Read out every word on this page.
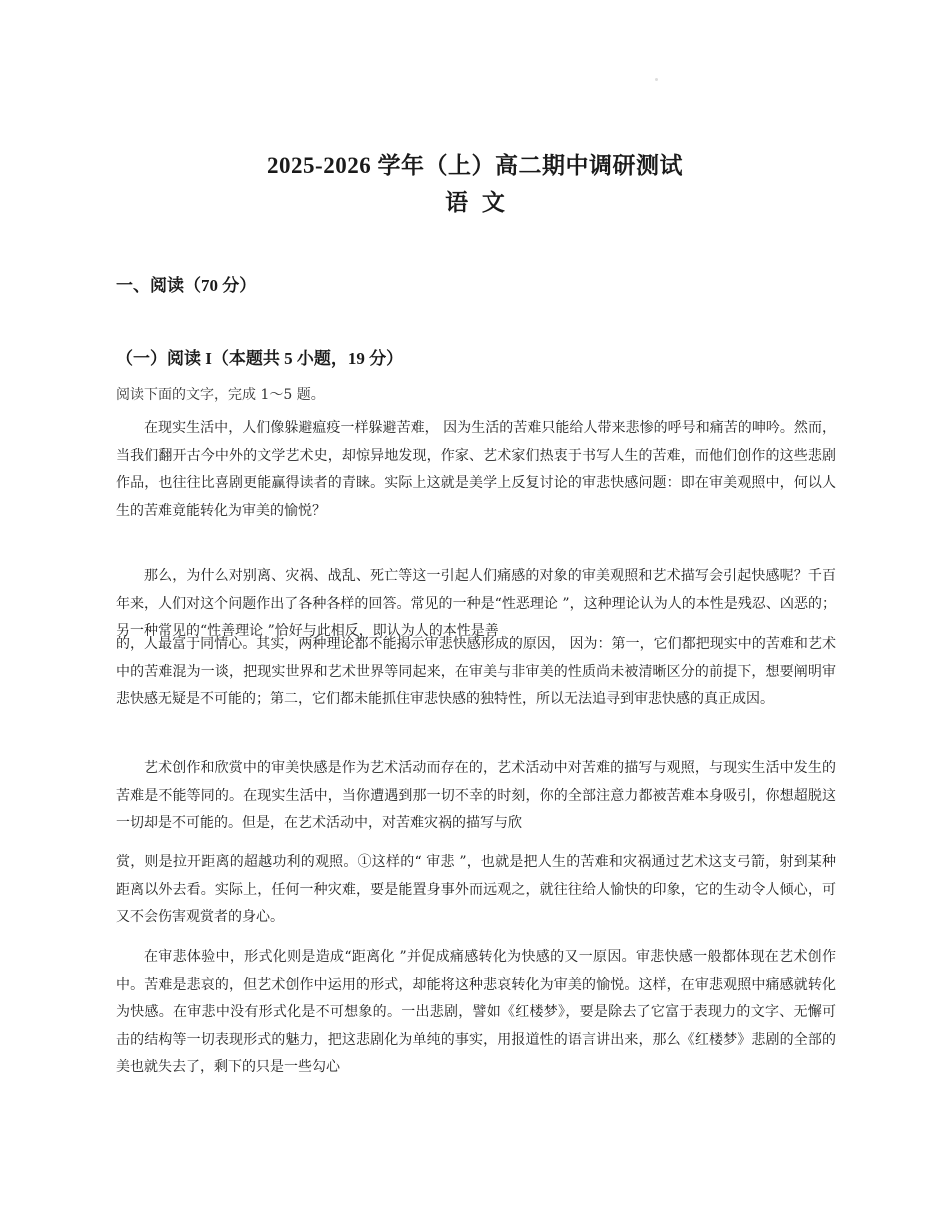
2025-2026 学年（上）高二期中调研测试
语 文
一、阅读（70 分）
（一）阅读 I（本题共 5 小题，19 分）
阅读下面的文字，完成 1～5 题。

在现实生活中，人们像躲避瘟疫一样躲避苦难， 因为生活的苦难只能给人带来悲惨的呼号和痛苦的呻吟。然而，当我们翻开古今中外的文学艺术史，却惊异地发现，作家、艺术家们热衷于书写人生的苦难，而他们创作的这些悲剧作品，也往往比喜剧更能赢得读者的青睐。实际上这就是美学上反复讨论的审悲快感问题：即在审美观照中，何以人生的苦难竟能转化为审美的愉悦？

那么，为什么对别离、灾祸、战乱、死亡等这一引起人们痛感的对象的审美观照和艺术描写会引起快感呢？千百年来，人们对这个问题作出了各种各样的回答。常见的一种是“性恶理论 ”，这种理论认为人的本性是残忍、凶恶的；另一种常见的“性善理论 ”恰好与此相反，即认为人的本性是善

的，人最富于同情心。其实，两种理论都不能揭示审悲快感形成的原因， 因为：第一，它们都把现实中的苦难和艺术中的苦难混为一谈，把现实世界和艺术世界等同起来，在审美与非审美的性质尚未被清晰区分的前提下，想要阐明审悲快感无疑是不可能的；第二，它们都未能抓住审悲快感的独特性，所以无法追寻到审悲快感的真正成因。

艺术创作和欣赏中的审美快感是作为艺术活动而存在的，艺术活动中对苦难的描写与观照，与现实生活中发生的苦难是不能等同的。在现实生活中，当你遭遇到那一切不幸的时刻，你的全部注意力都被苦难本身吸引，你想超脱这一切却是不可能的。但是，在艺术活动中，对苦难灾祸的描写与欣

赏，则是拉开距离的超越功利的观照。①这样的“ 审悲 ”，也就是把人生的苦难和灾祸通过艺术这支弓箭，射到某种距离以外去看。实际上，任何一种灾难，要是能置身事外而远观之，就往往给人愉快的印象，它的生动令人倾心，可又不会伤害观赏者的身心。

在审悲体验中，形式化则是造成“距离化 ”并促成痛感转化为快感的又一原因。审悲快感一般都体现在艺术创作中。苦难是悲哀的，但艺术创作中运用的形式，却能将这种悲哀转化为审美的愉悦。这样，在审悲观照中痛感就转化为快感。在审悲中没有形式化是不可想象的。一出悲剧，譬如《红楼梦》，要是除去了它富于表现力的文字、无懈可击的结构等一切表现形式的魅力，把这悲剧化为单纯的事实，用报道性的语言讲出来，那么《红楼梦》悲剧的全部的美也就失去了，剩下的只是一些勾心
